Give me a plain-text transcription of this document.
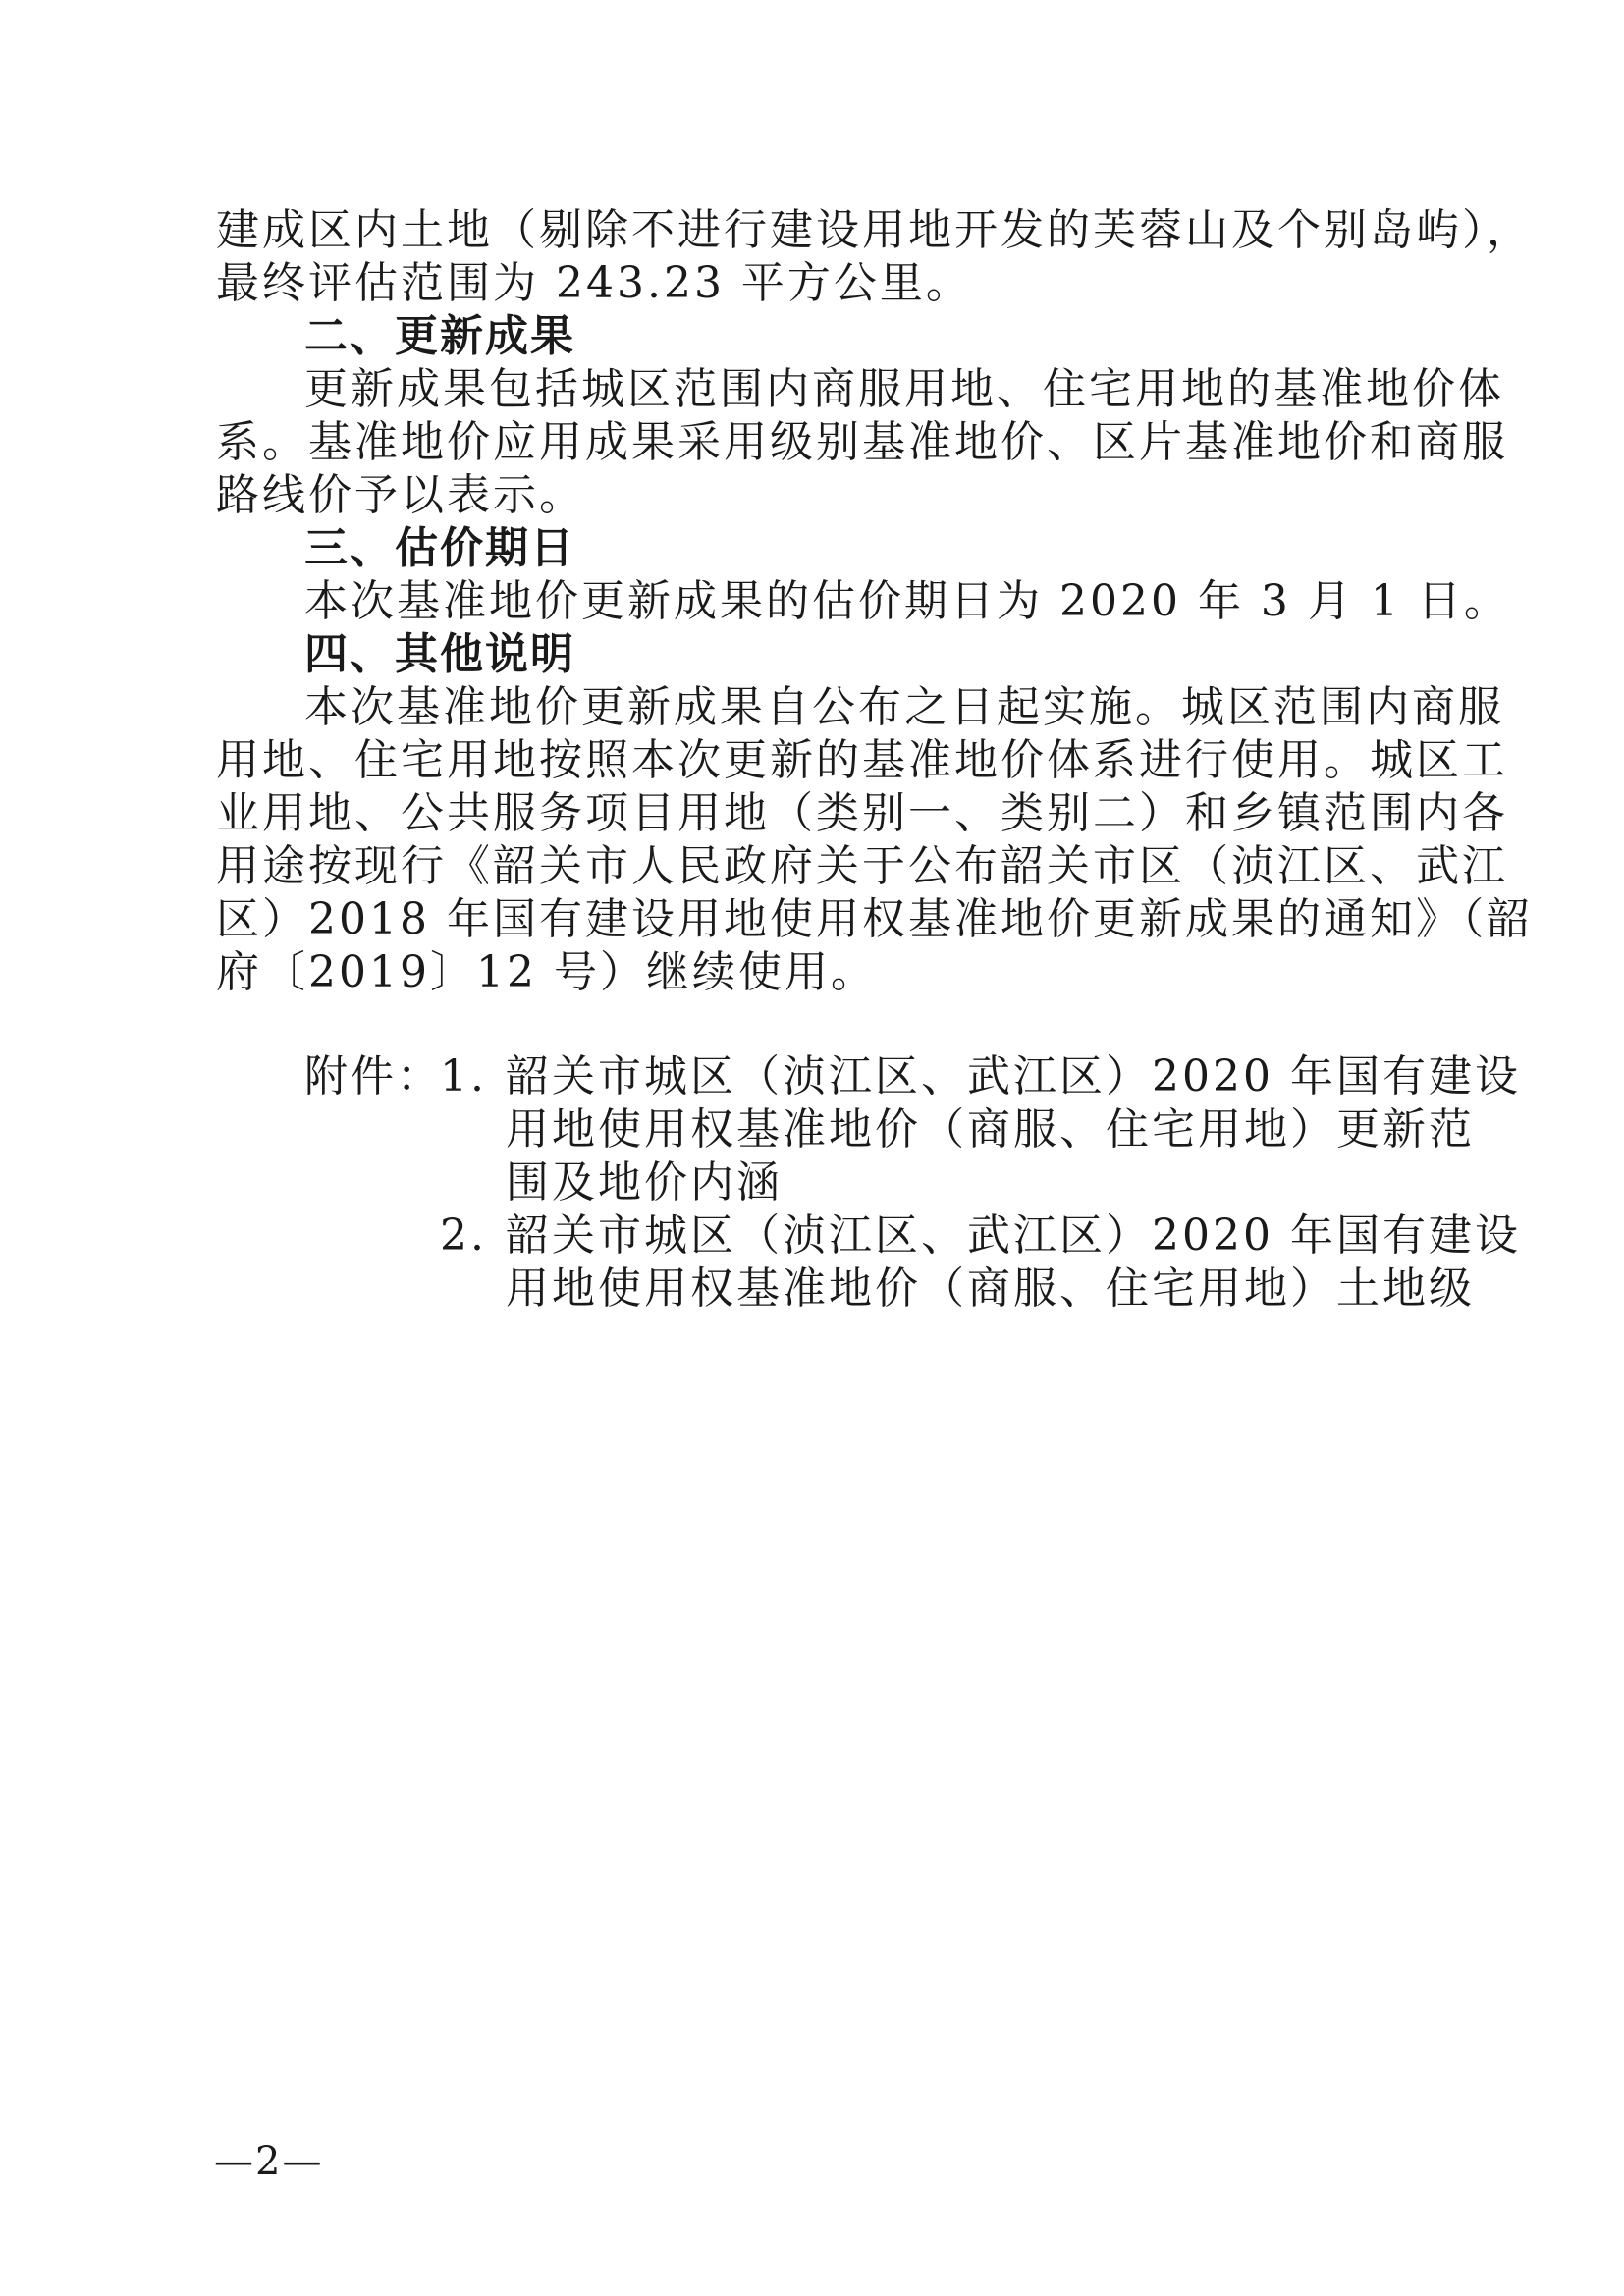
建成区内土地（剔除不进行建设用地开发的芙蓉山及个别岛屿），
最终评估范围为 243.23 平方公里。
二、更新成果
更新成果包括城区范围内商服用地、住宅用地的基准地价体
系。基准地价应用成果采用级别基准地价、区片基准地价和商服
路线价予以表示。
三、估价期日
本次基准地价更新成果的估价期日为 2020 年 3 月 1 日。
四、其他说明
本次基准地价更新成果自公布之日起实施。城区范围内商服
用地、住宅用地按照本次更新的基准地价体系进行使用。城区工
业用地、公共服务项目用地（类别一、类别二）和乡镇范围内各
用途按现行《韶关市人民政府关于公布韶关市区（浈江区、武江
区）2018 年国有建设用地使用权基准地价更新成果的通知》（韶
府〔2019〕12 号）继续使用。
附件：
1. 韶关市城区（浈江区、武江区）2020 年国有建设
用地使用权基准地价（商服、住宅用地）更新范
围及地价内涵
2. 韶关市城区（浈江区、武江区）2020 年国有建设
用地使用权基准地价（商服、住宅用地）土地级
—2—
